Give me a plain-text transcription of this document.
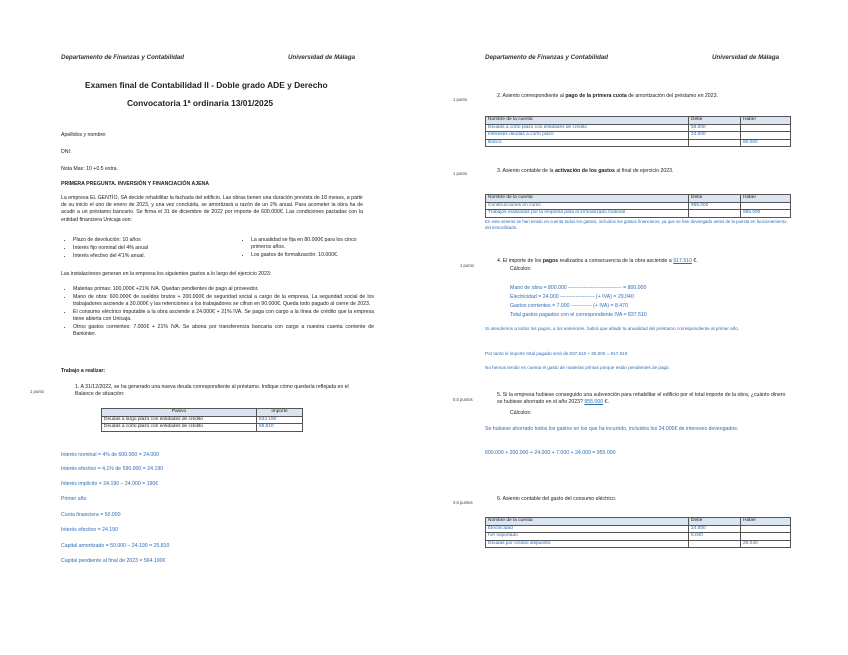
Departamento de Finanzas y Contabilidad	Universidad de Málaga
Examen final de Contabilidad II - Doble grado ADE y Derecho
Convocatoria 1ª ordinaria 13/01/2025
Apellidos y nombre:
DNI:
Nota Max: 10 +0.5 extra.
PRIMERA PREGUNTA. INVERSIÓN Y FINANCIACIÓN AJENA
La empresa EL GENTÍO, SA decide rehabilitar la fachada del edificio. Las obras tienen una duración prevista de 18 meses, a partir de su inicio el uno de enero de 2023, y una vez concluida, se amortizará a razón de un 2% anual. Para acometer la obra ha de acudir a un préstamo bancario. Se firma el 31 de diciembre de 2022 por importe de 600.000€. Las condiciones pactadas con la entidad financiera Unicaja son:
• Plazo de devolución: 10 años
• Interés fijo nominal del 4% anual
• Interés efectivo del 4'1% anual.
• La anualidad se fija en 80.000€ para los cinco primeros años.
• Los gastos de formalización: 10.000€.
Las instalaciones generan en la empresa los siguientes gastos a lo largo del ejercicio 2023:
• Materias primas: 100.000€ +21% IVA. Quedan pendientes de pago al proveedor.
• Mano de obra: 600.000€ de sueldos brutos + 200.000€ de seguridad social a cargo de la empresa. La seguridad social de los trabajadores asciende a 30.000€ y las retenciones a los trabajadores se cifran en 90.000€. Queda todo pagado al cierre de 2023.
• El consumo eléctrico imputable a la obra asciende a 24.000€ + 21% IVA. Se paga con cargo a la línea de crédito que la empresa tiene abierta con Unicaja.
• Otros gastos corrientes: 7.000€ + 21% IVA. Se abona por transferencia bancaria con cargo a nuestra cuenta corriente de Bankinter.
Trabajo a realizar:
1 punto
1. A 31/12/2022, se ha generado una nueva deuda correspondiente al préstamo. Indique cómo quedaría reflejada en el Balance de situación:
Pasivo	Importe
Deudas a largo plazo con entidades de crédito	534.190
Deudas a corto plazo con entidades de crédito	55.810
Interés nominal = 4% de 600.000 = 24.000
Interés efectivo = 4,1% de 590.000 = 24.190
Interés implícito = 24.190 – 24.000 = 190€
Primer año
Cuota financiera = 50.000
Interés efectivo = 24.190
Capital amortizado = 50.000 – 24.190 = 25.810
Capital pendiente al final de 2023 = 564.190€
Departamento de Finanzas y Contabilidad	Universidad de Málaga
1 punto
2. Asiento correspondiente al pago de la primera cuota de amortización del préstamo en 2023.
Nombre de la cuenta	Debe	Haber
Deudas a corto plazo con entidades de crédito	56.000	
Intereses deudas a corto plazo	24.000	
Banco		80.000
1 punto	3. Asiento contable de la activación de los gastos al final de ejercicio 2023.
Nombre de la cuenta	Debe	Haber
Construcciones en curso	955.000	
Trabajos realizados por la empresa para el inmovilizado material		955.000
En este asiento se han tenido en cuenta todos los gastos, incluidos los gastos financieros, ya que se han devengado antes de la puesta en funcionamiento del inmovilizado.
1 punto
4. El importe de los pagos realizados a consecuencia de la obra asciende a 917.510 €.
Cálculos:
Mano de obra = 800.000 ------------------------------- = 800.000
Electricidad = 24.000 -------------------- (+ IVA) = 29.040
Gastos corrientes = 7.000 ------------ (+ IVA) = 8.470
Total gastos pagados con el correspondiente IVA = 837.510
Si atendemos a todos los pagos, a los anteriores, habrá que añadir la anualidad del préstamo correspondiente al primer año.
Por tanto el importe total pagado será de 837.510 + 80.000 = 917.510
No hemos tenido en cuenta el gasto de materias primas porque están pendientes de pago.
0,5 puntos
5. Si la empresa hubiese conseguido una subvención para rehabilitar el edificio por el total importe de la obra, ¿cuánto dinero se hubiese ahorrado en el año 2023? 955.000 €.
Cálculos:
Se hubiese ahorrado todos los gastos en los que ha incurrido, incluidos los 24.000€ de intereses devengados:
600.000 + 200.000 + 24.000 + 7.000 + 24.000 = 955.000
0,5 puntos
6. Asiento contable del gasto del consumo eléctrico.
Nombre de la cuenta	Debe	Haber
Electricidad	24.000	
IVA soportado	5.040	
Deudas por crédito dispuesto		29.040
